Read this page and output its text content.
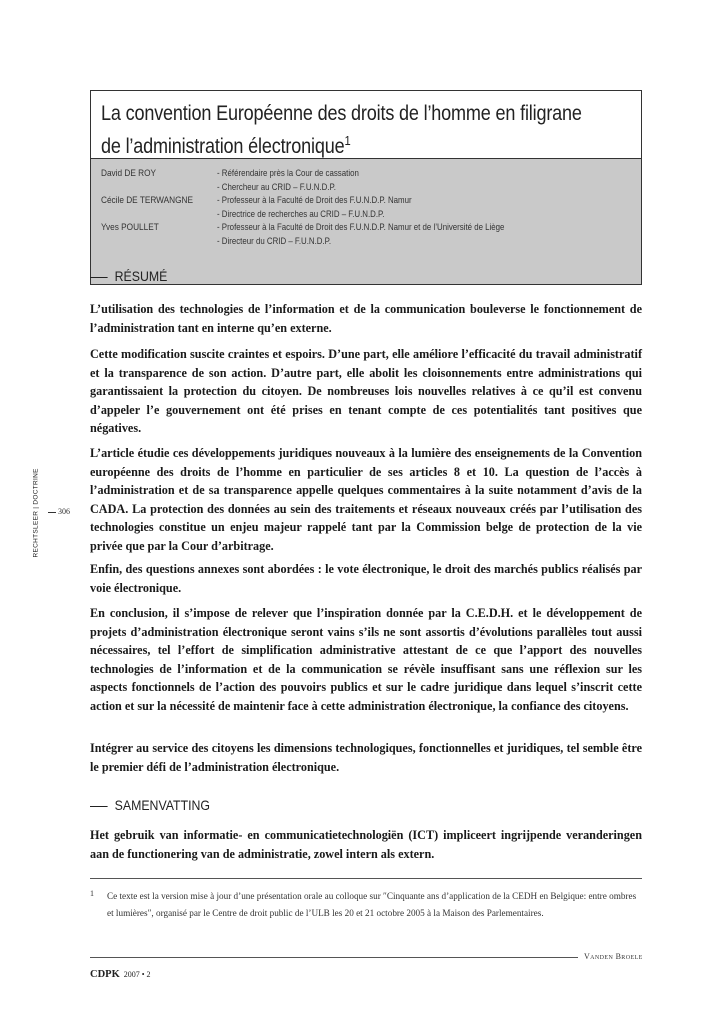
La convention Européenne des droits de l’homme en filigrane
de l’administration électronique$^1$
David DE ROY	- Référendaire près la Cour de cassation
- Chercheur au CRID – F.U.N.D.P.
Cécile DE TERWANGNE	- Professeur à la Faculté de Droit des F.U.N.D.P. Namur
- Directrice de recherches au CRID – F.U.N.D.P.
Yves POULLET	- Professeur à la Faculté de Droit des F.U.N.D.P. Namur et de l’Université de Liège
- Directeur du CRID – F.U.N.D.P.
RÉSUMÉ

L’utilisation des technologies de l’information et de la communication bouleverse le fonctionnement de l’administration tant en interne qu’en externe.

Cette modification suscite craintes et espoirs. D’une part, elle améliore l’efficacité du travail administratif et la transparence de son action. D’autre part, elle abolit les cloisonnements entre administrations qui garantissaient la protection du citoyen. De nombreuses lois nouvelles relatives à ce qu’il est convenu d’appeler l’e gouvernement ont été prises en tenant compte de ces potentialités tant positives que négatives.

L’article étudie ces développements juridiques nouveaux à la lumière des enseignements de la Convention européenne des droits de l’homme en particulier de ses articles 8 et 10. La question de l’accès à l’administration et de sa transparence appelle quelques commentaires à la suite notamment d’avis de la CADA. La protection des données au sein des traitements et réseaux nouveaux créés par l’utilisation des technologies constitue un enjeu majeur rappelé tant par la Commission belge de protection de la vie privée que par la Cour d’arbitrage.

Enfin, des questions annexes sont abordées : le vote électronique, le droit des marchés publics réalisés par voie électronique.

En conclusion, il s’impose de relever que l’inspiration donnée par la C.E.D.H. et le développement de projets d’administration électronique seront vains s’ils ne sont assortis d’évolutions parallèles tout aussi nécessaires, tel l’effort de simplification administrative attestant de ce que l’apport des nouvelles technologies de l’information et de la communication se révèle insuffisant sans une réflexion sur les aspects fonctionnels de l’action des pouvoirs publics et sur le cadre juridique dans lequel s’inscrit cette action et sur la nécessité de maintenir face à cette administration électronique, la confiance des citoyens.

Intégrer au service des citoyens les dimensions technologiques, fonctionnelles et juridiques, tel semble être le premier défi de l’administration électronique.

SAMENVATTING

Het gebruik van informatie- en communicatietechnologiën (ICT) impliceert ingrijpende veranderingen aan de functionering van de administratie, zowel intern als extern.

1 Ce texte est la version mise à jour d’une présentation orale au colloque sur ″Cinquante ans d’application de la CEDH en Belgique: entre ombres et lumières″, organisé par le Centre de droit public de l’ULB les 20 et 21 octobre 2005 à la Maison des Parlementaires.
RECHTSLEER | DOCTRINE 306
Vanden Broele
CDPK 2007 • 2
